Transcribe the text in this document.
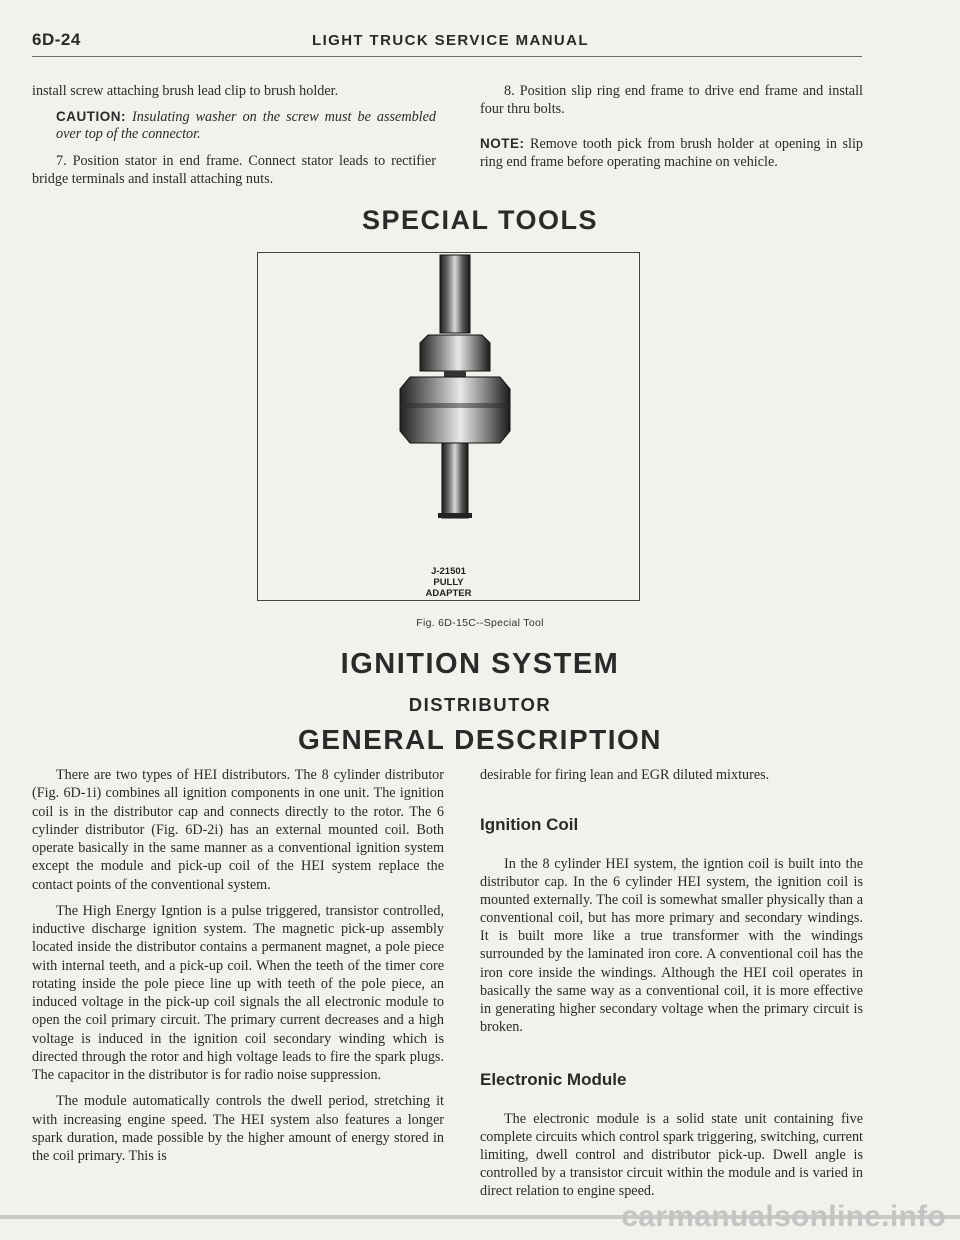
6D-24	LIGHT TRUCK SERVICE MANUAL

install screw attaching brush lead clip to brush holder.

CAUTION: Insulating washer on the screw must be assembled over top of the connector.

7. Position stator in end frame. Connect stator leads to rectifier bridge terminals and install attaching nuts.

8. Position slip ring end frame to drive end frame and install four thru bolts.

NOTE: Remove tooth pick from brush holder at opening in slip ring end frame before operating machine on vehicle.

SPECIAL TOOLS
J-21501
PULLY
ADAPTER
Fig. 6D-15C--Special Tool
IGNITION SYSTEM
DISTRIBUTOR
GENERAL DESCRIPTION

There are two types of HEI distributors. The 8 cylinder distributor (Fig. 6D-1i) combines all ignition components in one unit. The ignition coil is in the distributor cap and connects directly to the rotor. The 6 cylinder distributor (Fig. 6D-2i) has an external mounted coil. Both operate basically in the same manner as a conventional ignition system except the module and pick-up coil of the HEI system replace the contact points of the conventional system.

The High Energy Igntion is a pulse triggered, transistor controlled, inductive discharge ignition system. The magnetic pick-up assembly located inside the distributor contains a permanent magnet, a pole piece with internal teeth, and a pick-up coil. When the teeth of the timer core rotating inside the pole piece line up with teeth of the pole piece, an induced voltage in the pick-up coil signals the all electronic module to open the coil primary circuit. The primary current decreases and a high voltage is induced in the ignition coil secondary winding which is directed through the rotor and high voltage leads to fire the spark plugs. The capacitor in the distributor is for radio noise suppression.

The module automatically controls the dwell period, stretching it with increasing engine speed. The HEI system also features a longer spark duration, made possible by the higher amount of energy stored in the coil primary. This is

desirable for firing lean and EGR diluted mixtures.
Ignition Coil
In the 8 cylinder HEI system, the igntion coil is built into the distributor cap. In the 6 cylinder HEI system, the ignition coil is mounted externally. The coil is somewhat smaller physically than a conventional coil, but has more primary and secondary windings. It is built more like a true transformer with the windings surrounded by the laminated iron core. A conventional coil has the iron core inside the windings. Although the HEI coil operates in basically the same way as a conventional coil, it is more effective in generating higher secondary voltage when the primary circuit is broken.
Electronic Module
The electronic module is a solid state unit containing five complete circuits which control spark triggering, switching, current limiting, dwell control and distributor pick-up. Dwell angle is controlled by a transistor circuit within the module and is varied in direct relation to engine speed.
carmanualsonline.info
